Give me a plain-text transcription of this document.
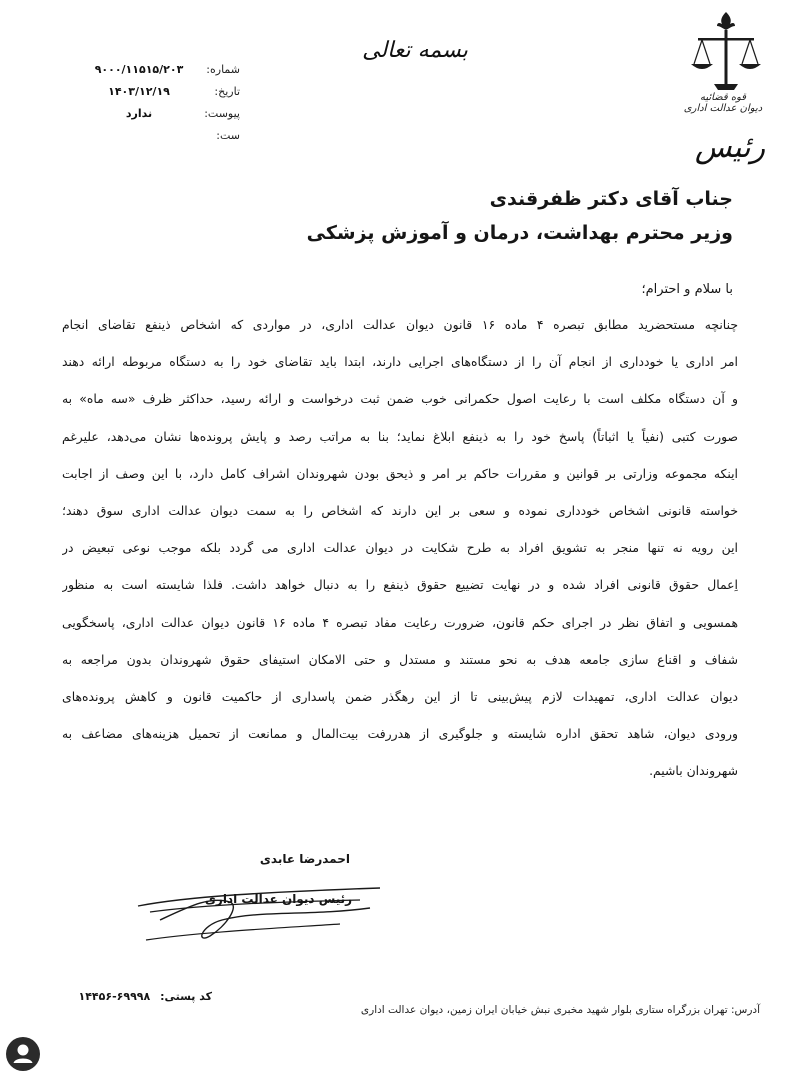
قوه قضائیه
دیوان عدالت اداری
رئیس
بسمه تعالی
شماره:
۹۰۰۰/۱۱۵۱۵/۲۰۳
تاریخ:
۱۴۰۳/۱۲/۱۹
پیوست:
ندارد
ست:
جناب آقای دکتر ظفرقندی
وزیر محترم بهداشت، درمان و آموزش پزشکی
با سلام و احترام؛
چنانچه مستحضرید مطابق تبصره ۴ ماده ۱۶ قانون دیوان عدالت اداری، در مواردی که اشخاص ذینفع تقاضای انجام
امر اداری یا خودداری از انجام آن را از دستگاه‌های اجرایی دارند، ابتدا باید تقاضای خود را به دستگاه مربوطه ارائه دهند
و آن دستگاه مکلف است با رعایت اصول حکمرانی خوب ضمن ثبت درخواست و ارائه رسید، حداکثر ظرف «سه ماه» به
صورت کتبی (نفیاً یا اثباتاً) پاسخ خود را به ذینفع ابلاغ نماید؛ بنا به مراتب رصد و پایش پرونده‌ها نشان می‌دهد، علیرغم
اینکه مجموعه وزارتی بر قوانین و مقررات حاکم بر امر و ذیحق بودن شهروندان اشراف کامل دارد، با این وصف از اجابت
خواسته قانونی اشخاص خودداری نموده و سعی بر این دارند که اشخاص را به سمت دیوان عدالت اداری سوق دهند؛
این رویه نه تنها منجر به تشویق افراد به طرح شکایت در دیوان عدالت اداری می گردد بلکه موجب نوعی تبعیض در
اِعمال حقوق قانونی افراد شده و در نهایت تضییع حقوق ذینفع را به دنبال خواهد داشت. فلذا شایسته است به منظور
همسویی و اتفاق نظر در اجرای حکم قانون، ضرورت رعایت مفاد تبصره ۴ ماده ۱۶ قانون دیوان عدالت اداری، پاسخگویی
شفاف و اقناع سازی جامعه هدف به نحو مستند و مستدل و حتی الامکان استیفای حقوق شهروندان بدون مراجعه به
دیوان عدالت اداری، تمهیدات لازم پیش‌بینی تا از این رهگذر ضمن پاسداری از حاکمیت قانون و کاهش پرونده‌های
ورودی دیوان، شاهد تحقق اداره شایسته و جلوگیری از هدررفت بیت‌المال و ممانعت از تحمیل هزینه‌های مضاعف به
شهروندان باشیم.
احمدرضا عابدی
رئیس دیوان عدالت اداری
کد پستی: ۱۴۴۵۶-۶۹۹۹۸
آدرس: تهران بزرگراه ستاری بلوار شهید مخبری نبش خیابان ایران زمین، دیوان عدالت اداری
